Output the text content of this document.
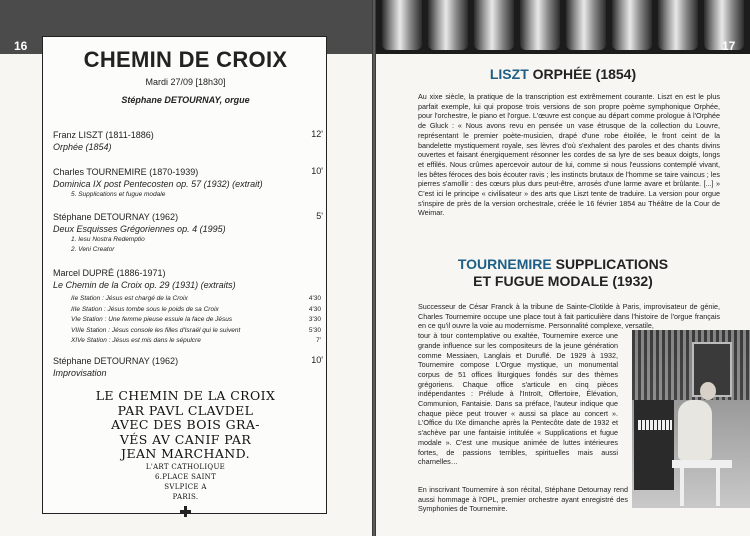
16
CHEMIN DE CROIX
Mardi 27/09 [18h30]
Stéphane DETOURNAY, orgue
Franz LISZT (1811-1886)
Orphée (1854)
12'
Charles TOURNEMIRE (1870-1939)
Dominica IX post Pentecosten op. 57 (1932) (extrait)
5. Supplications et fugue modale
10'
Stéphane DETOURNAY (1962)
Deux Esquisses Grégoriennes op. 4 (1995)
1. Iesu Nostra Redemptio
2. Veni Creator
5'
Marcel DUPRÉ (1886-1971)
Le Chemin de la Croix op. 29 (1931) (extraits)
IIe Station : Jésus est chargé de la Croix	4'30
IIIe Station : Jésus tombe sous le poids de sa Croix	4'30
VIe Station : Une femme pieuse essuie la face de Jésus	3'30
VIIIe Station : Jésus console les filles d'Israël qui le suivent	5'30
XIVe Station : Jésus est mis dans le sépulcre	7'
Stéphane DETOURNAY (1962)
Improvisation
10'
LE CHEMIN DE LA CROIX
PAR PAVL CLAVDEL
AVEC DES BOIS GRA-
VÉS AV CANIF PAR
JEAN MARCHAND.
L'ART CATHOLIQUE
6.PLACE SAINT
SVLPICE A
PARIS.
17
LISZT ORPHÉE (1854)
Au xixe siècle, la pratique de la transcription est extrêmement courante. Liszt en est le plus parfait exemple, lui qui propose trois versions de son propre poème symphonique Orphée, pour l'orchestre, le piano et l'orgue. L'œuvre est conçue au départ comme prologue à l'Orphée de Gluck : « Nous avons revu en pensée un vase étrusque de la collection du Louvre, représentant le premier poète-musicien, drapé d'une robe étoilée, le front ceint de la bandelette mystiquement royale, ses lèvres d'où s'exhalent des paroles et des chants divins ouvertes et faisant énergiquement résonner les cordes de sa lyre de ses beaux doigts, longs et effilés. Nous crûmes apercevoir autour de lui, comme si nous l'eussions contemplé vivant, les bêtes féroces des bois écouter ravis ; les instincts brutaux de l'homme se taire vaincus ; les pierres s'amollir : des cœurs plus durs peut-être, arrosés d'une larme avare et brûlante. [...] » C'est ici le principe « civilisateur » des arts que Liszt tente de traduire. La version pour orgue s'inspire de près de la version orchestrale, créée le 16 février 1854 au Théâtre de la Cour de Weimar.
TOURNEMIRE SUPPLICATIONS
ET FUGUE MODALE (1932)
Successeur de César Franck à la tribune de Sainte-Clotilde à Paris, improvisateur de génie, Charles Tournemire occupe une place tout à fait particulière dans l'histoire de l'orgue français en ce qu'il ouvre la voie au modernisme. Personnalité complexe, versatile,
tour à tour contemplative ou exaltée, Tournemire exerce une grande influence sur les compositeurs de la jeune génération comme Messiaen, Langlais et Duruflé. De 1929 à 1932, Tournemire compose L'Orgue mystique, un monumental corpus de 51 offices liturgiques fondés sur des thèmes grégoriens. Chaque office s'articule en cinq pièces indépendantes : Prélude à l'Introït, Offertoire, Élévation, Communion, Fantaisie. Dans sa préface, l'auteur indique que chaque pièce peut trouver « aussi sa place au concert ». L'Office du IXe dimanche après la Pentecôte date de 1932 et s'achève par une fantaisie intitulée « Supplications et fugue modale ». C'est une musique animée de luttes intérieures fortes, de passions terribles, spirituelles mais aussi charnelles…
En inscrivant Tournemire à son récital, Stéphane Detournay rend aussi hommage à l'OPL, premier orchestre ayant enregistré des Symphonies de Tournemire.
